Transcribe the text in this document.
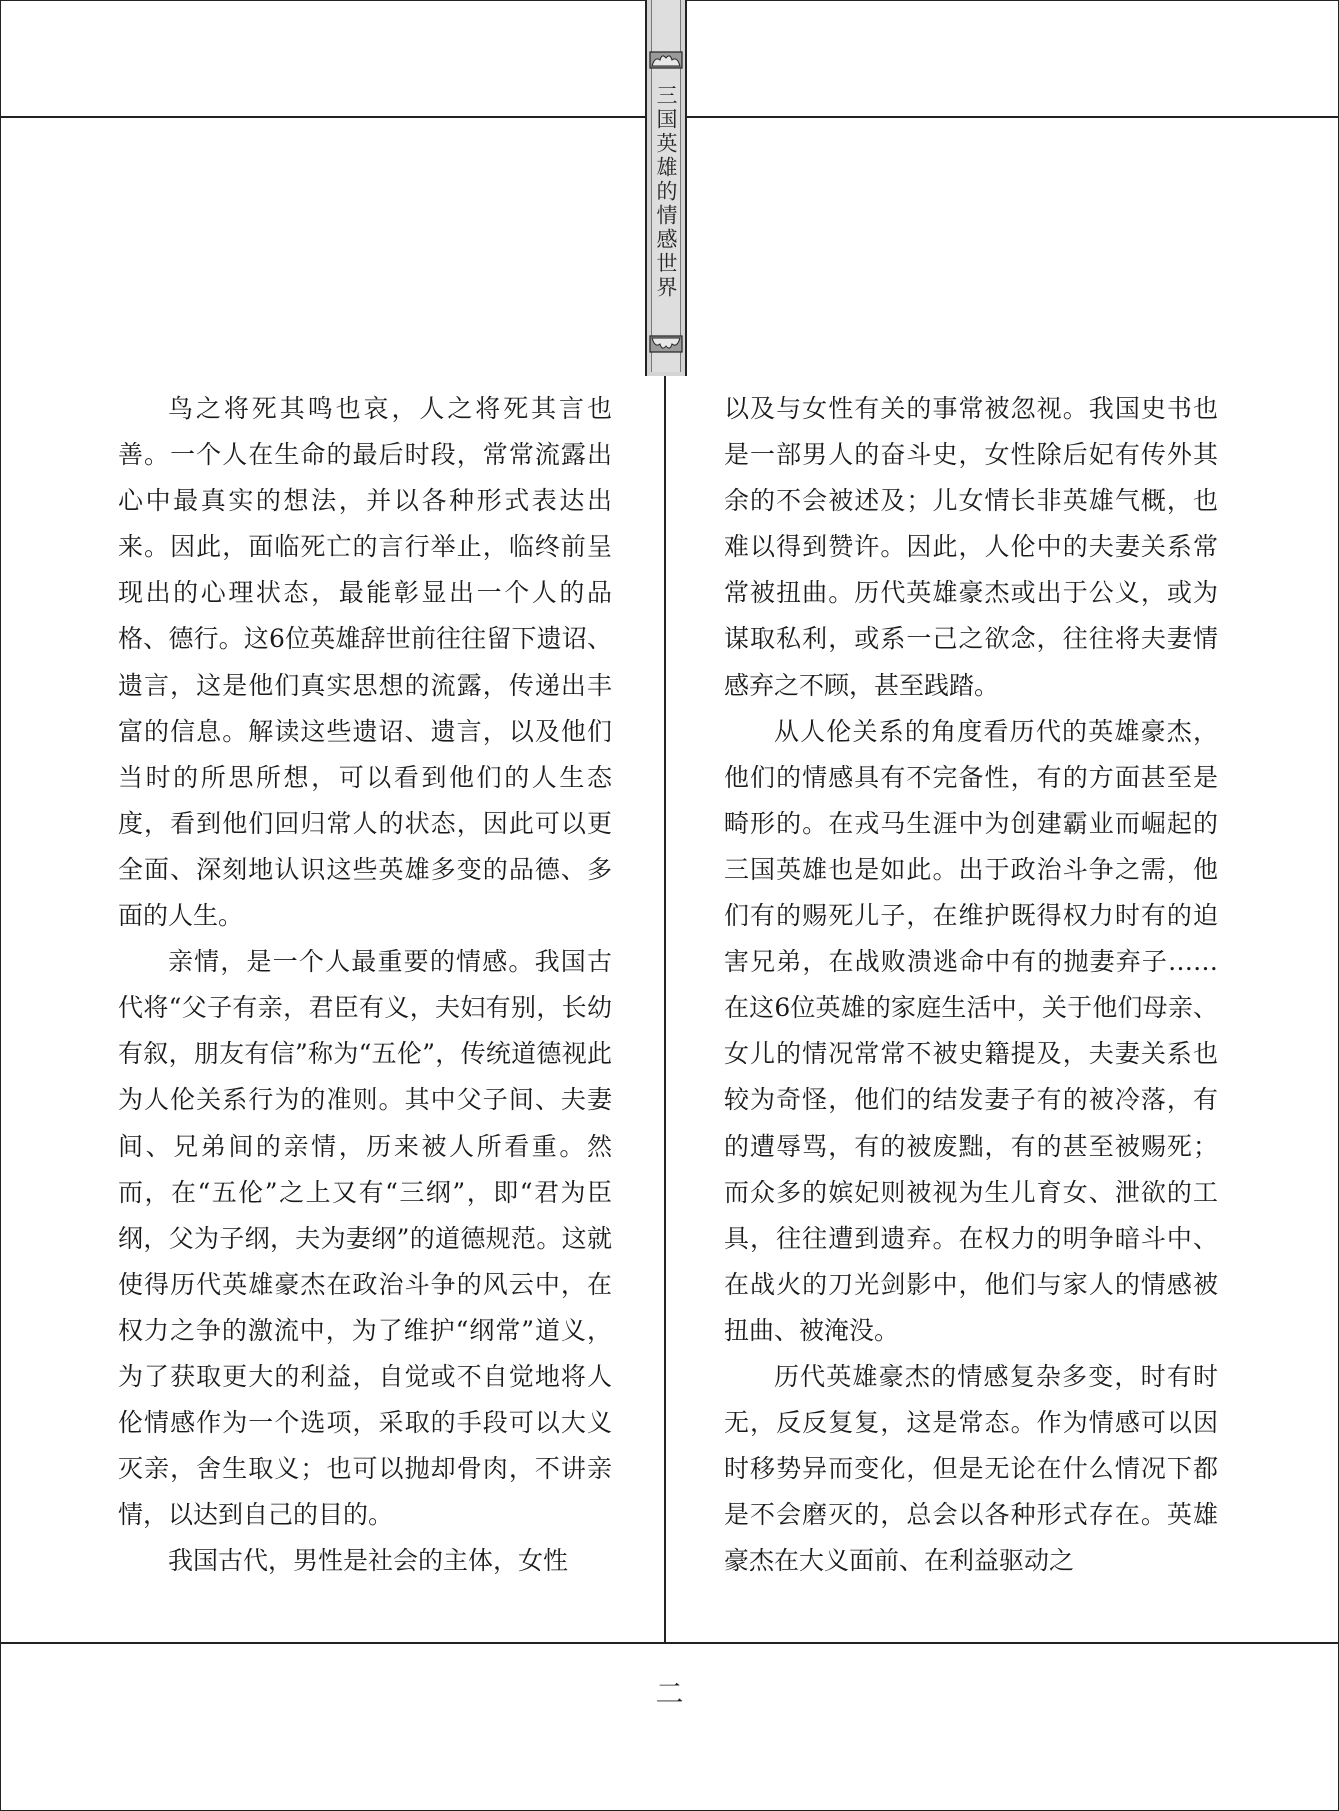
三国英雄的情感世界

鸟之将死其鸣也哀，人之将死其言也善。一个人在生命的最后时段，常常流露出心中最真实的想法，并以各种形式表达出来。因此，面临死亡的言行举止，临终前呈现出的心理状态，最能彰显出一个人的品格、德行。这6位英雄辞世前往往留下遗诏、遗言，这是他们真实思想的流露，传递出丰富的信息。解读这些遗诏、遗言，以及他们当时的所思所想，可以看到他们的人生态度，看到他们回归常人的状态，因此可以更全面、深刻地认识这些英雄多变的品德、多面的人生。

亲情，是一个人最重要的情感。我国古代将“父子有亲，君臣有义，夫妇有别，长幼有叙，朋友有信”称为“五伦”，传统道德视此为人伦关系行为的准则。其中父子间、夫妻间、兄弟间的亲情，历来被人所看重。然而，在“五伦”之上又有“三纲”，即“君为臣纲，父为子纲，夫为妻纲”的道德规范。这就使得历代英雄豪杰在政治斗争的风云中，在权力之争的激流中，为了维护“纲常”道义，为了获取更大的利益，自觉或不自觉地将人伦情感作为一个选项，采取的手段可以大义灭亲，舍生取义；也可以抛却骨肉，不讲亲情，以达到自己的目的。

我国古代，男性是社会的主体，女性

以及与女性有关的事常被忽视。我国史书也是一部男人的奋斗史，女性除后妃有传外其余的不会被述及；儿女情长非英雄气概，也难以得到赞许。因此，人伦中的夫妻关系常常被扭曲。历代英雄豪杰或出于公义，或为谋取私利，或系一己之欲念，往往将夫妻情感弃之不顾，甚至践踏。

从人伦关系的角度看历代的英雄豪杰，他们的情感具有不完备性，有的方面甚至是畸形的。在戎马生涯中为创建霸业而崛起的三国英雄也是如此。出于政治斗争之需，他们有的赐死儿子，在维护既得权力时有的迫害兄弟，在战败溃逃命中有的抛妻弃子……在这6位英雄的家庭生活中，关于他们母亲、女儿的情况常常不被史籍提及，夫妻关系也较为奇怪，他们的结发妻子有的被冷落，有的遭辱骂，有的被废黜，有的甚至被赐死；而众多的嫔妃则被视为生儿育女、泄欲的工具，往往遭到遗弃。在权力的明争暗斗中、在战火的刀光剑影中，他们与家人的情感被扭曲、被淹没。

历代英雄豪杰的情感复杂多变，时有时无，反反复复，这是常态。作为情感可以因时移势异而变化，但是无论在什么情况下都是不会磨灭的，总会以各种形式存在。英雄豪杰在大义面前、在利益驱动之

二
